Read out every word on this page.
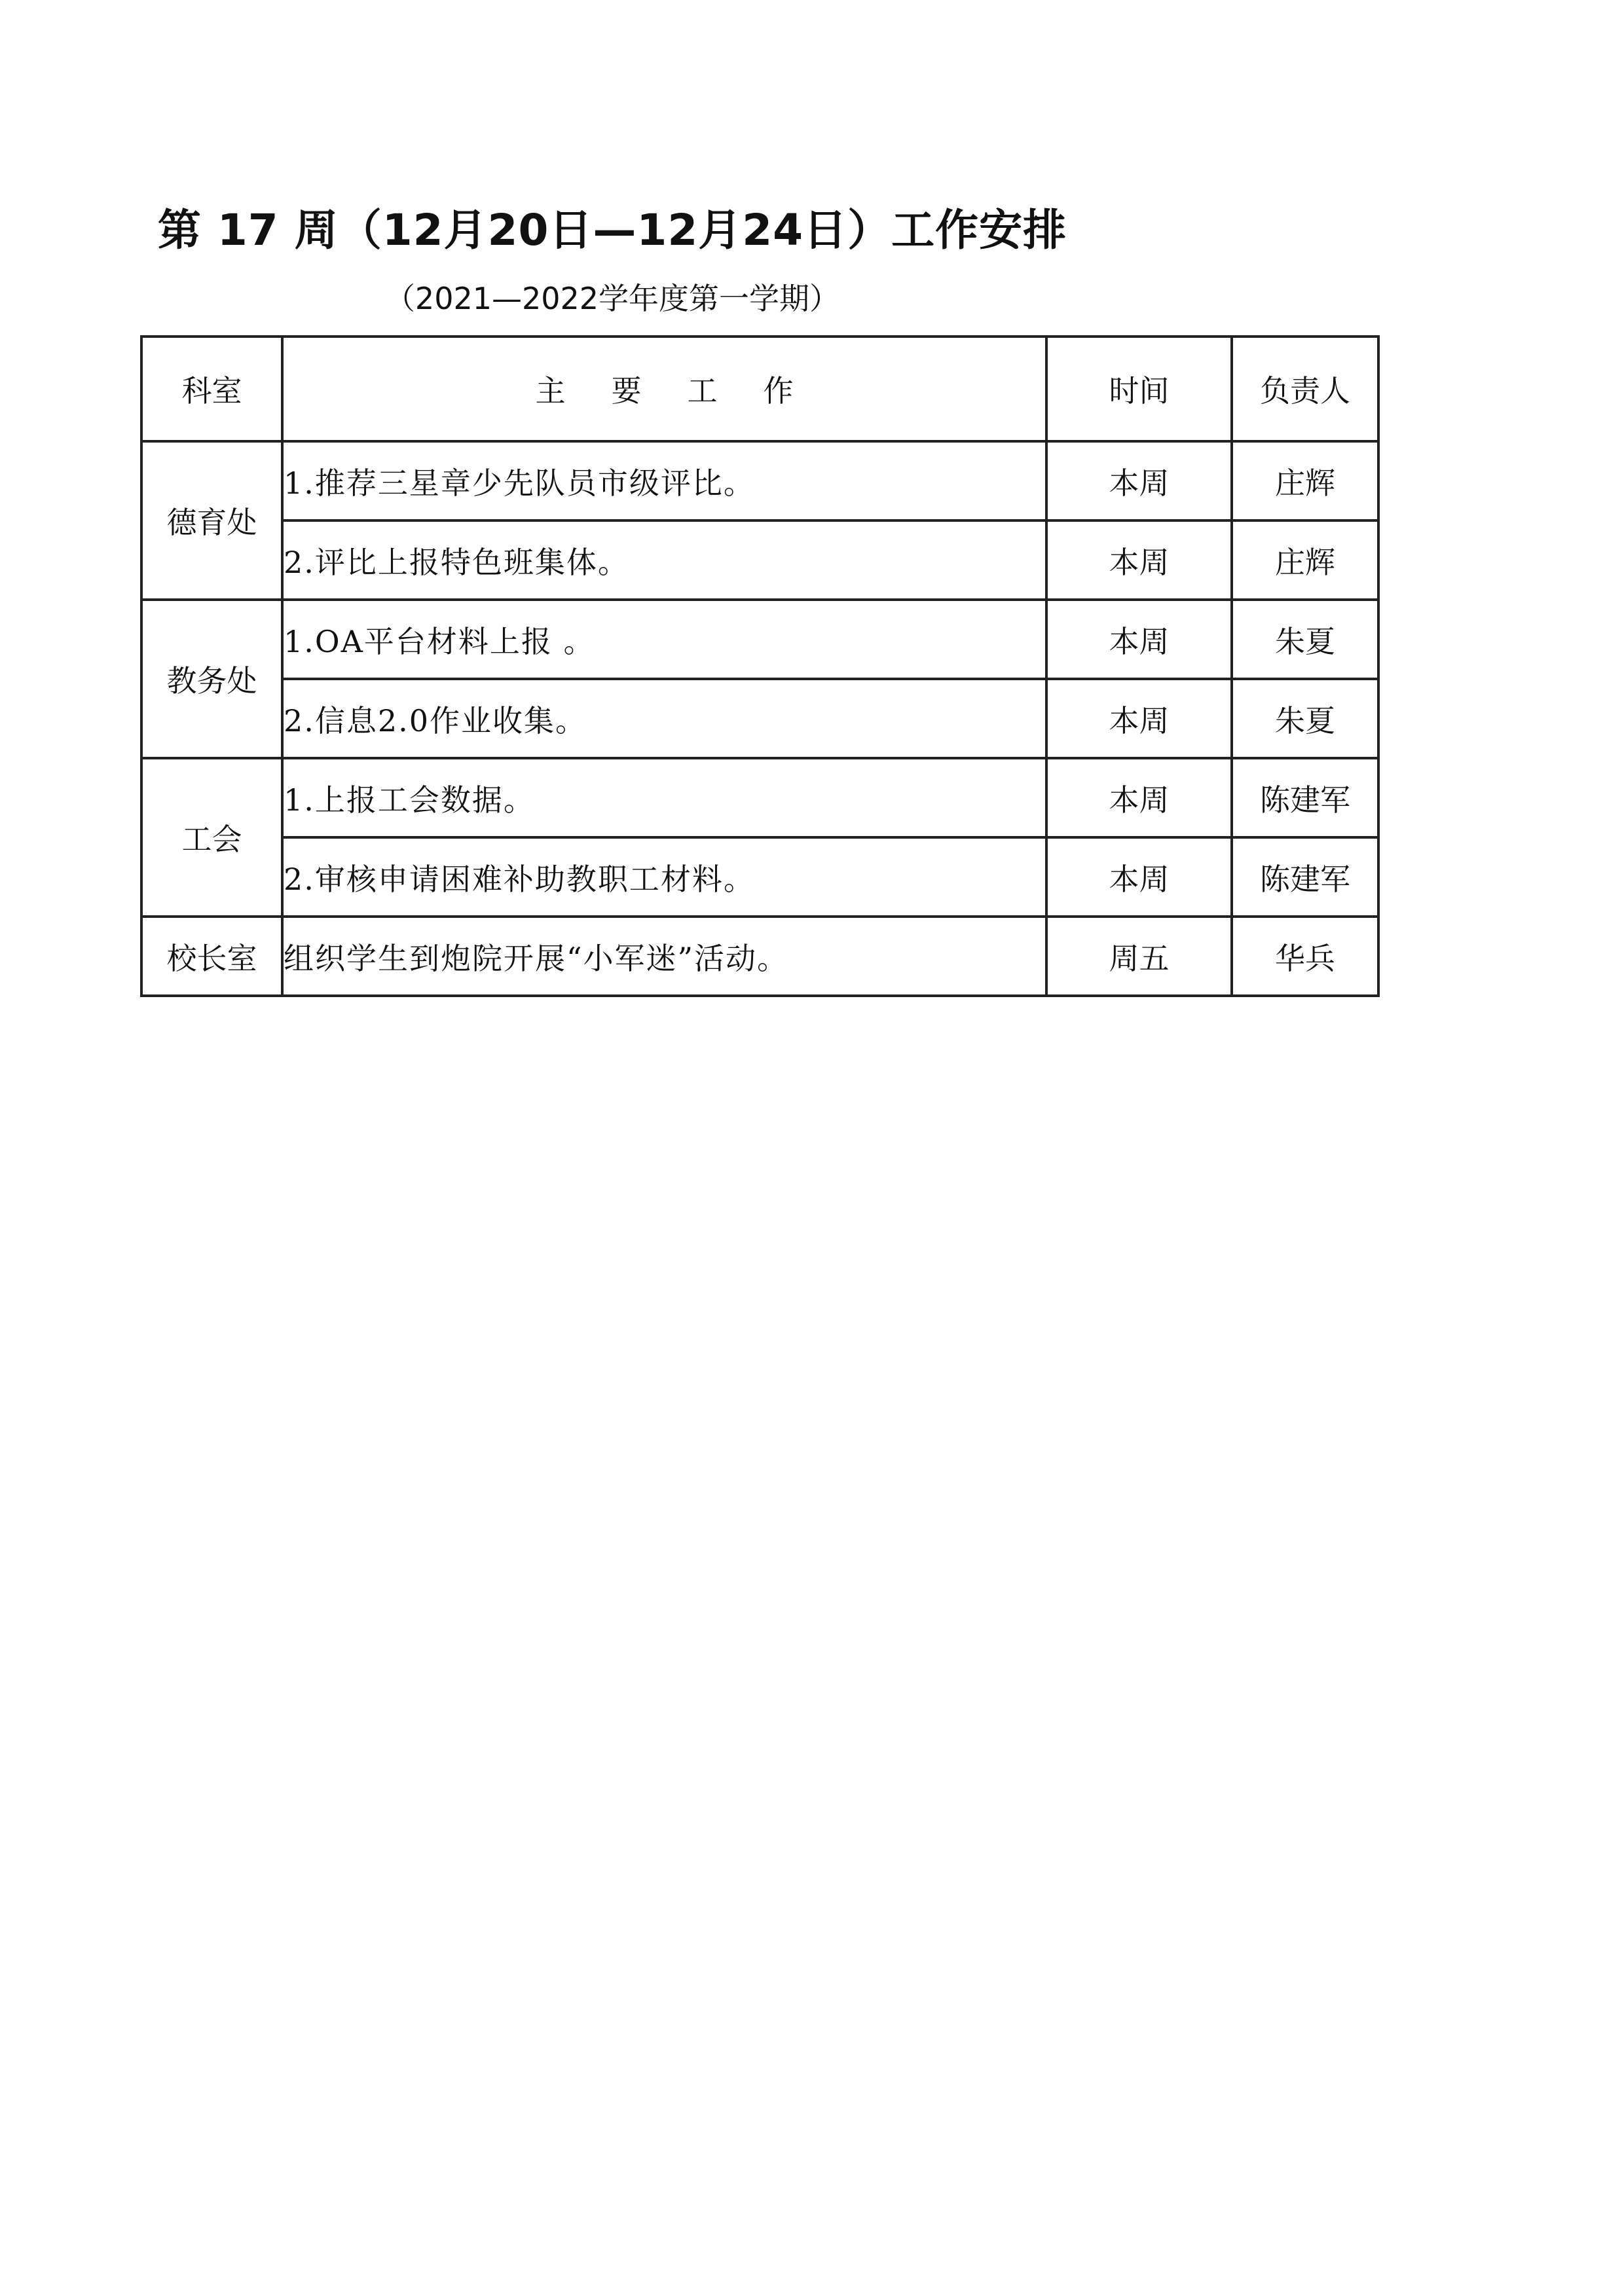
第 17 周（12月20日—12月24日）工作安排
（2021—2022学年度第一学期）
科室	主要工作	时间	负责人
德育处	1.推荐三星章少先队员市级评比。	本周	庄辉
	2.评比上报特色班集体。	本周	庄辉
教务处	1.OA平台材料上报 。	本周	朱夏
	2.信息2.0作业收集。	本周	朱夏
工会	1.上报工会数据。	本周	陈建军
	2.审核申请困难补助教职工材料。	本周	陈建军
校长室	组织学生到炮院开展“小军迷”活动。	周五	华兵
